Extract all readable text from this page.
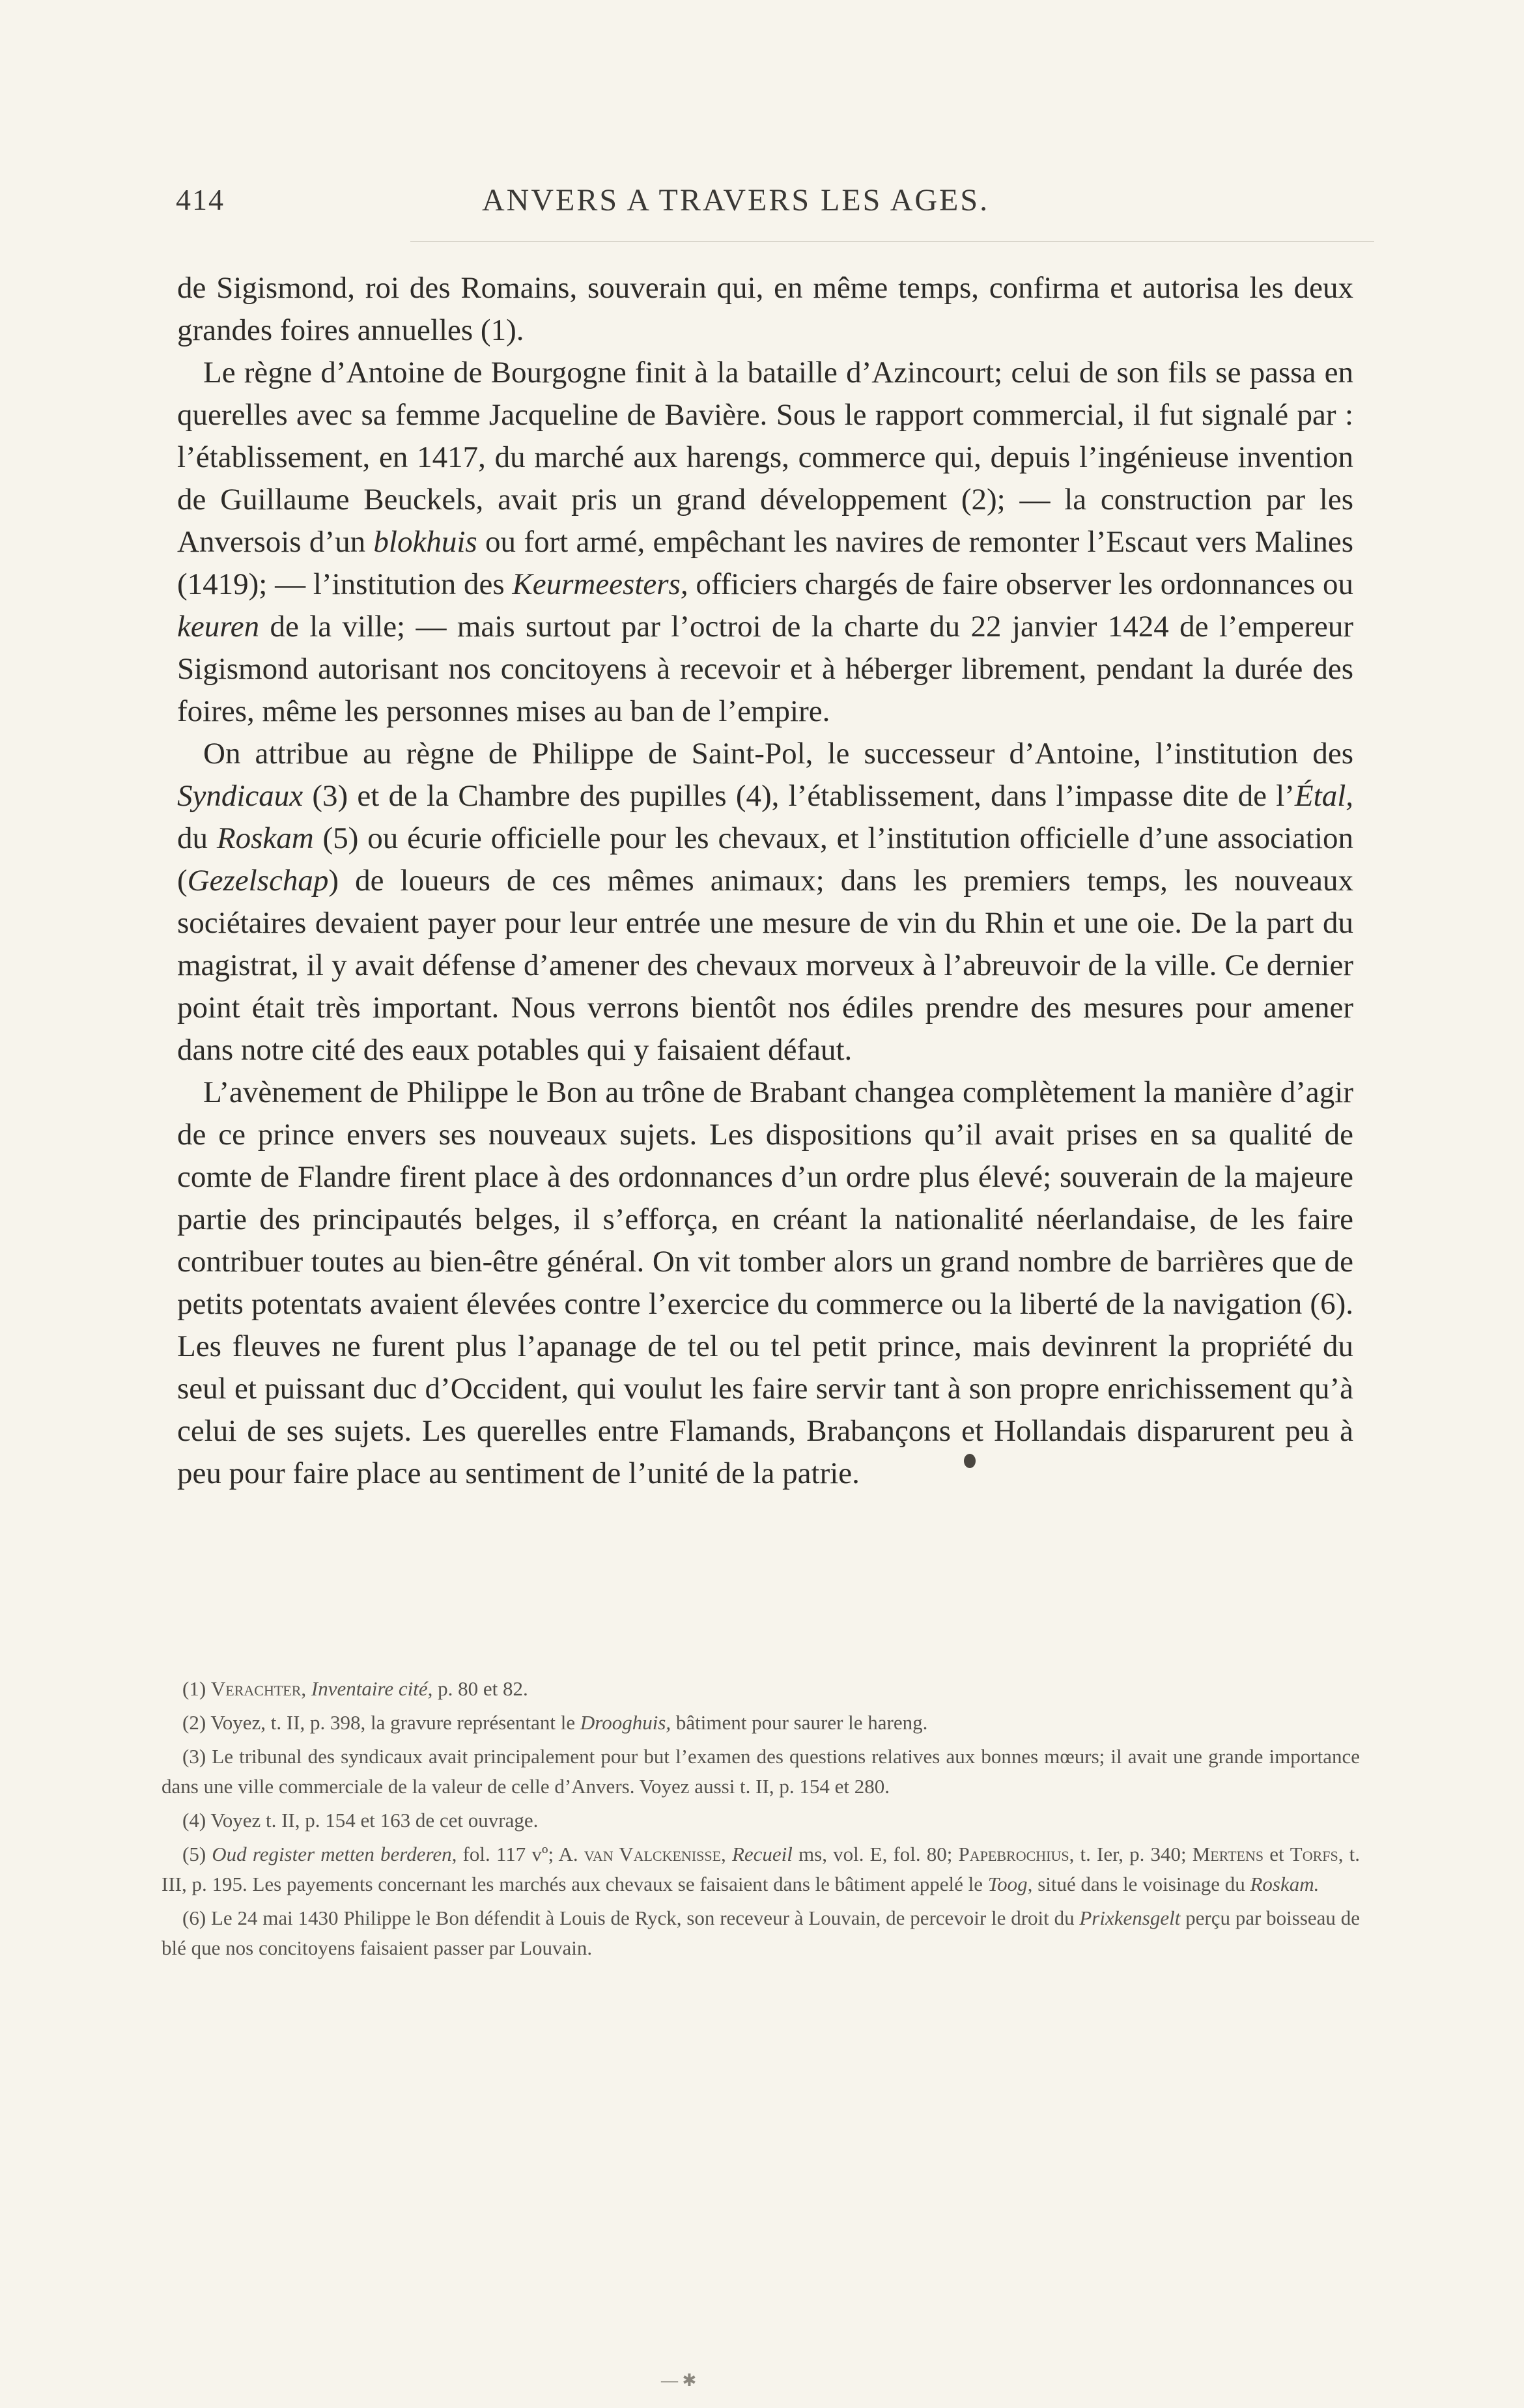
414	ANVERS A TRAVERS LES AGES.

de Sigismond, roi des Romains, souverain qui, en même temps, confirma et autorisa les deux grandes foires annuelles (1).

Le règne d’Antoine de Bourgogne finit à la bataille d’Azincourt; celui de son fils se passa en querelles avec sa femme Jacqueline de Bavière. Sous le rapport commercial, il fut signalé par : l’établissement, en 1417, du marché aux harengs, commerce qui, depuis l’ingénieuse invention de Guillaume Beuckels, avait pris un grand développement (2); — la construction par les Anversois d’un blokhuis ou fort armé, empêchant les navires de remonter l’Escaut vers Malines (1419); — l’institution des Keurmeesters, officiers chargés de faire observer les ordonnances ou keuren de la ville; — mais surtout par l’octroi de la charte du 22 janvier 1424 de l’empereur Sigismond autorisant nos concitoyens à recevoir et à héberger librement, pendant la durée des foires, même les personnes mises au ban de l’empire.

On attribue au règne de Philippe de Saint-Pol, le successeur d’Antoine, l’institution des Syndicaux (3) et de la Chambre des pupilles (4), l’établissement, dans l’impasse dite de l’Étal, du Roskam (5) ou écurie officielle pour les chevaux, et l’institution officielle d’une association (Gezelschap) de loueurs de ces mêmes animaux; dans les premiers temps, les nouveaux sociétaires devaient payer pour leur entrée une mesure de vin du Rhin et une oie. De la part du magistrat, il y avait défense d’amener des chevaux morveux à l’abreuvoir de la ville. Ce dernier point était très important. Nous verrons bientôt nos édiles prendre des mesures pour amener dans notre cité des eaux potables qui y faisaient défaut.

L’avènement de Philippe le Bon au trône de Brabant changea complètement la manière d’agir de ce prince envers ses nouveaux sujets. Les dispositions qu’il avait prises en sa qualité de comte de Flandre firent place à des ordonnances d’un ordre plus élevé; souverain de la majeure partie des principautés belges, il s’efforça, en créant la nationalité néerlandaise, de les faire contribuer toutes au bien-être général. On vit tomber alors un grand nombre de barrières que de petits potentats avaient élevées contre l’exercice du commerce ou la liberté de la navigation (6). Les fleuves ne furent plus l’apanage de tel ou tel petit prince, mais devinrent la propriété du seul et puissant duc d’Occident, qui voulut les faire servir tant à son propre enrichissement qu’à celui de ses sujets. Les querelles entre Flamands, Brabançons et Hollandais disparurent peu à peu pour faire place au sentiment de l’unité de la patrie.

(1) Verachter, Inventaire cité, p. 80 et 82.

(2) Voyez, t. II, p. 398, la gravure représentant le Drooghuis, bâtiment pour saurer le hareng.

(3) Le tribunal des syndicaux avait principalement pour but l’examen des questions relatives aux bonnes mœurs; il avait une grande importance dans une ville commerciale de la valeur de celle d’Anvers. Voyez aussi t. II, p. 154 et 280.

(4) Voyez t. II, p. 154 et 163 de cet ouvrage.

(5) Oud register metten berderen, fol. 117 vº; A. van Valckenisse, Recueil ms, vol. E, fol. 80; Papebrochius, t. Ier, p. 340; Mertens et Torfs, t. III, p. 195. Les payements concernant les marchés aux chevaux se faisaient dans le bâtiment appelé le Toog, situé dans le voisinage du Roskam.

(6) Le 24 mai 1430 Philippe le Bon défendit à Louis de Ryck, son receveur à Louvain, de percevoir le droit du Prixkensgelt perçu par boisseau de blé que nos concitoyens faisaient passer par Louvain.

— ✱
